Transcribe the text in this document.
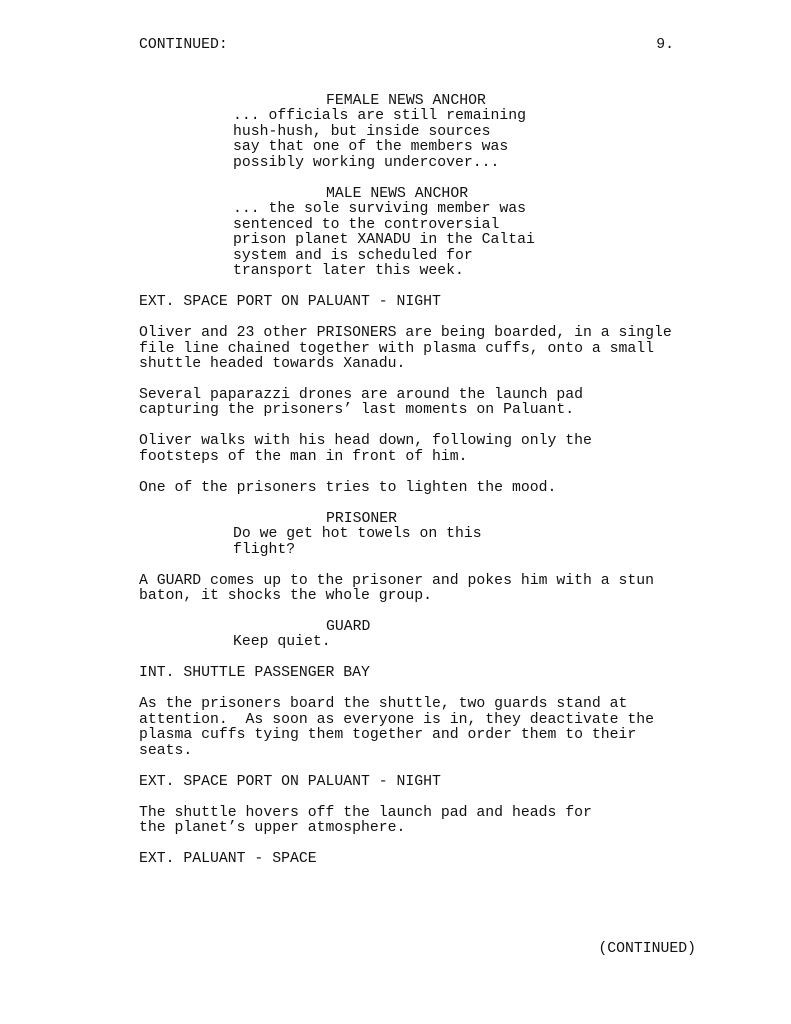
CONTINUED:	9.
FEMALE NEWS ANCHOR
... officials are still remaining
hush-hush, but inside sources
say that one of the members was
possibly working undercover...
MALE NEWS ANCHOR
... the sole surviving member was
sentenced to the controversial
prison planet XANADU in the Caltai
system and is scheduled for
transport later this week.
EXT. SPACE PORT ON PALUANT - NIGHT
Oliver and 23 other PRISONERS are being boarded, in a single
file line chained together with plasma cuffs, onto a small
shuttle headed towards Xanadu.
Several paparazzi drones are around the launch pad
capturing the prisoners’ last moments on Paluant.
Oliver walks with his head down, following only the
footsteps of the man in front of him.
One of the prisoners tries to lighten the mood.
PRISONER
Do we get hot towels on this
flight?
A GUARD comes up to the prisoner and pokes him with a stun
baton, it shocks the whole group.
GUARD
Keep quiet.
INT. SHUTTLE PASSENGER BAY
As the prisoners board the shuttle, two guards stand at
attention.  As soon as everyone is in, they deactivate the
plasma cuffs tying them together and order them to their
seats.
EXT. SPACE PORT ON PALUANT - NIGHT
The shuttle hovers off the launch pad and heads for
the planet’s upper atmosphere.
EXT. PALUANT - SPACE
(CONTINUED)
